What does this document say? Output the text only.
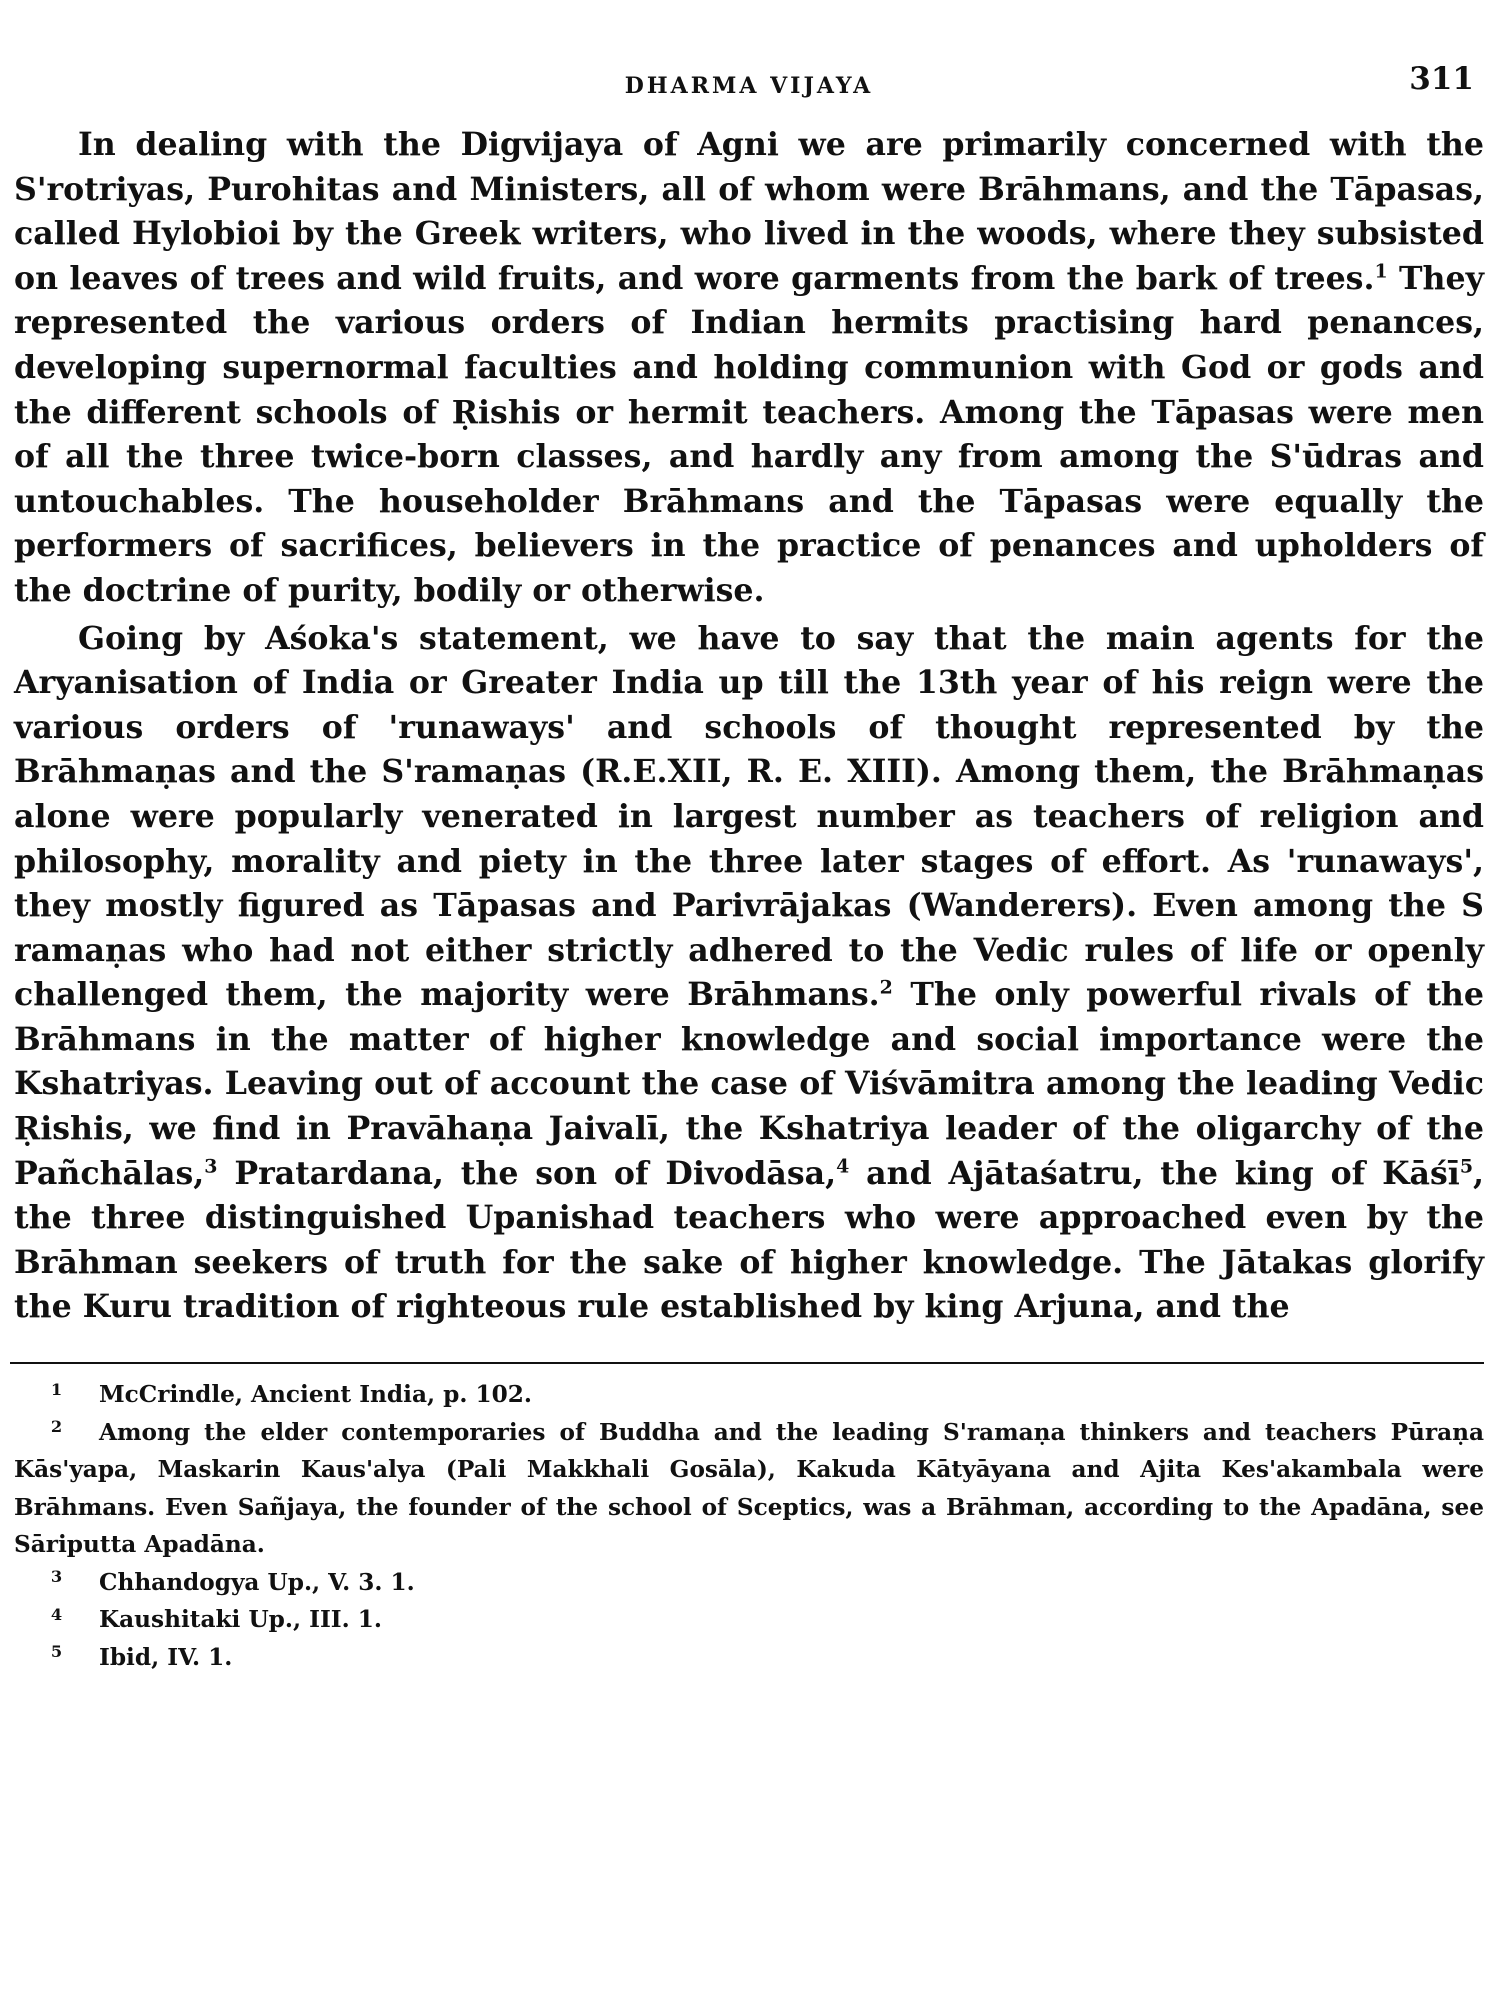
DHARMA VIJAYA	311

In dealing with the Digvijaya of Agni we are primarily concerned with the S'rotriyas, Purohitas and Ministers, all of whom were Brāhmans, and the Tāpasas, called Hylobioi by the Greek writers, who lived in the woods, where they subsisted on leaves of trees and wild fruits, and wore garments from the bark of trees.$^1$ They represented the various orders of Indian hermits practising hard penances, developing supernormal faculties and holding communion with God or gods and the different schools of Ṛishis or hermit teachers. Among the Tāpasas were men of all the three twice-born classes, and hardly any from among the S'ūdras and untouchables. The householder Brāhmans and the Tāpasas were equally the performers of sacrifices, believers in the practice of penances and upholders of the doctrine of purity, bodily or otherwise.

Going by Aśoka's statement, we have to say that the main agents for the Aryanisation of India or Greater India up till the 13th year of his reign were the various orders of 'runaways' and schools of thought represented by the Brāhmaṇas and the S'ramaṇas (R.E.XII, R. E. XIII). Among them, the Brāhmaṇas alone were popularly venerated in largest number as teachers of religion and philosophy, morality and piety in the three later stages of effort. As 'runaways', they mostly figured as Tāpasas and Parivrājakas (Wanderers). Even among the S ramaṇas who had not either strictly adhered to the Vedic rules of life or openly challenged them, the majority were Brāhmans.$^2$ The only powerful rivals of the Brāhmans in the matter of higher knowledge and social importance were the Kshatriyas. Leaving out of account the case of Viśvāmitra among the leading Vedic Ṛishis, we find in Pravāhaṇa Jaivalī, the Kshatriya leader of the oligarchy of the Pañchālas,$^3$ Pratardana, the son of Divodāsa,$^4$ and Ajātaśatru, the king of Kāśī$^5$, the three distinguished Upanishad teachers who were approached even by the Brāhman seekers of truth for the sake of higher knowledge. The Jātakas glorify the Kuru tradition of righteous rule established by king Arjuna, and the

1 McCrindle, Ancient India, p. 102.

2 Among the elder contemporaries of Buddha and the leading S'ramaṇa thinkers and teachers Pūraṇa Kās'yapa, Maskarin Kaus'alya (Pali Makkhali Gosāla), Kakuda Kātyāyana and Ajita Kes'akambala were Brāhmans. Even Sañjaya, the founder of the school of Sceptics, was a Brāhman, according to the Apadāna, see Sāriputta Apadāna.

3 Chhandogya Up., V. 3. 1.

4 Kaushitaki Up., III. 1.

5 Ibid, IV. 1.
